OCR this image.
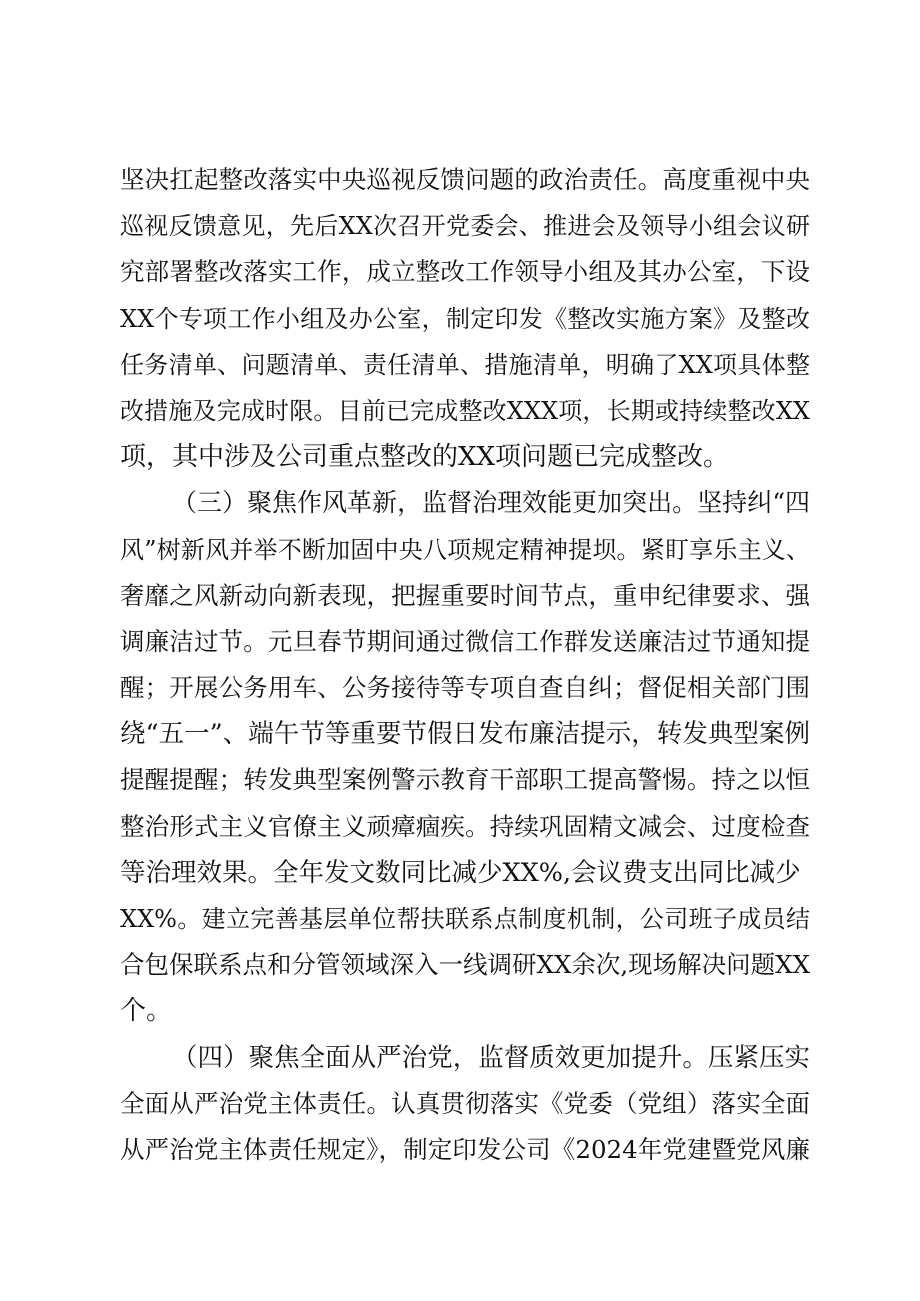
坚决扛起整改落实中央巡视反馈问题的政治责任。高度重视中央
巡视反馈意见，先后XX次召开党委会、推进会及领导小组会议研
究部署整改落实工作，成立整改工作领导小组及其办公室，下设
XX个专项工作小组及办公室，制定印发《整改实施方案》及整改
任务清单、问题清单、责任清单、措施清单，明确了XX项具体整
改措施及完成时限。目前已完成整改XXX项，长期或持续整改XX
项，其中涉及公司重点整改的XX项问题已完成整改。
（三）聚焦作风革新，监督治理效能更加突出。坚持纠“四
风”树新风并举不断加固中央八项规定精神提坝。紧盯享乐主义、
奢靡之风新动向新表现，把握重要时间节点，重申纪律要求、强
调廉洁过节。元旦春节期间通过微信工作群发送廉洁过节通知提
醒；开展公务用车、公务接待等专项自查自纠；督促相关部门围
绕“五一”、端午节等重要节假日发布廉洁提示，转发典型案例
提醒提醒；转发典型案例警示教育干部职工提高警惕。持之以恒
整治形式主义官僚主义顽瘴痼疾。持续巩固精文减会、过度检查
等治理效果。全年发文数同比减少XX%,会议费支出同比减少
XX%。建立完善基层单位帮扶联系点制度机制，公司班子成员结
合包保联系点和分管领域深入一线调研XX余次,现场解决问题XX
个。
（四）聚焦全面从严治党，监督质效更加提升。压紧压实
全面从严治党主体责任。认真贯彻落实《党委（党组）落实全面
从严治党主体责任规定》，制定印发公司《2024年党建暨党风廉
